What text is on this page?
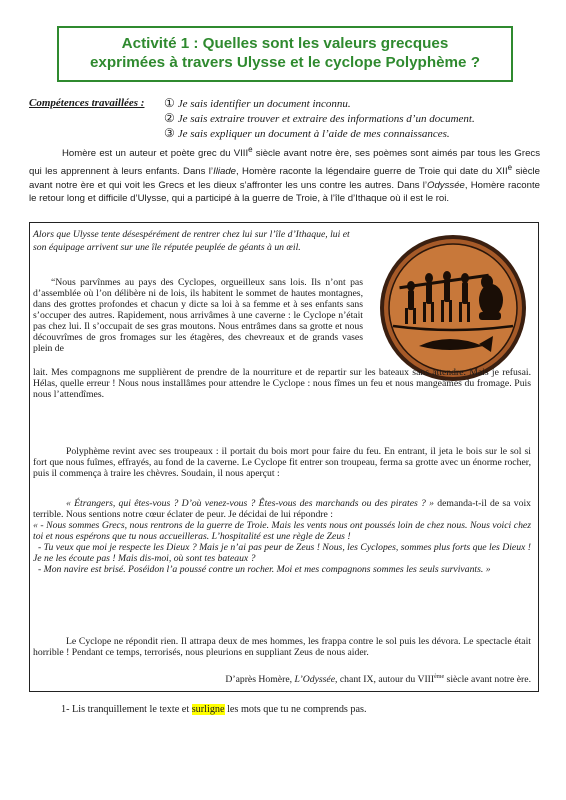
Activité 1 : Quelles sont les valeurs grecques
exprimées à travers Ulysse et le cyclope Polyphème ?
Compétences travaillées : ① Je sais identifier un document inconnu.
② Je sais extraire trouver et extraire des informations d’un document.
③ Je sais expliquer un document à l’aide de mes connaissances.

Homère est un auteur et poète grec du VIIIe siècle avant notre ère, ses poèmes sont aimés par tous les Grecs qui les apprennent à leurs enfants. Dans l’Iliade, Homère raconte la légendaire guerre de Troie qui date du XIIe siècle avant notre ère et qui voit les Grecs et les dieux s’affronter les uns contre les autres. Dans l’Odyssée, Homère raconte le retour long et difficile d’Ulysse, qui a participé à la guerre de Troie, à l’île d’Ithaque où il est le roi.

Alors que Ulysse tente désespérément de rentrer chez lui sur l’île d’Ithaque, lui et son équipage arrivent sur une île réputée peuplée de géants à un œil.
“Nous parvînmes au pays des Cyclopes, orgueilleux sans lois. Ils n’ont pas d’assemblée où l’on délibère ni de lois, ils habitent le sommet de hautes montagnes, dans des grottes profondes et chacun y dicte sa loi à sa femme et à ses enfants sans s’occuper des autres. Rapidement, nous arrivâmes à une caverne : le Cyclope n’était pas chez lui. Il s’occupait de ses gras moutons. Nous entrâmes dans sa grotte et nous découvrîmes de gros fromages sur les étagères, des chevreaux et de grands vases plein de
lait. Mes compagnons me supplièrent de prendre de la nourriture et de repartir sur les bateaux sans attendre. Mais je refusai. Hélas, quelle erreur ! Nous nous installâmes pour attendre le Cyclope : nous fîmes un feu et nous mangeâmes du fromage. Puis nous l’attendîmes.
Polyphème revint avec ses troupeaux : il portait du bois mort pour faire du feu. En entrant, il jeta le bois sur le sol si fort que nous fuîmes, effrayés, au fond de la caverne. Le Cyclope fit entrer son troupeau, ferma sa grotte avec un énorme rocher, puis il commença à traire les chèvres. Soudain, il nous aperçut :
« Étrangers, qui êtes-vous ? D’où venez-vous ? Êtes-vous des marchands ou des pirates ? » demanda-t-il de sa voix terrible. Nous sentions notre cœur éclater de peur. Je décidai de lui répondre :
« - Nous sommes Grecs, nous rentrons de la guerre de Troie. Mais les vents nous ont poussés loin de chez nous. Nous voici chez toi et nous espérons que tu nous accueilleras. L’hospitalité est une règle de Zeus !
- Tu veux que moi je respecte les Dieux ? Mais je n’ai pas peur de Zeus ! Nous, les Cyclopes, sommes plus forts que les Dieux ! Je ne les écoute pas ! Mais dis-moi, où sont tes bateaux ?
- Mon navire est brisé. Poséidon l’a poussé contre un rocher. Moi et mes compagnons sommes les seuls survivants. »
Le Cyclope ne répondit rien. Il attrapa deux de mes hommes, les frappa contre le sol puis les dévora. Le spectacle était horrible ! Pendant ce temps, terrorisés, nous pleurions en suppliant Zeus de nous aider.
D’après Homère, L’Odyssée, chant IX, autour du VIIIème siècle avant notre ère.
1- Lis tranquillement le texte et surligne les mots que tu ne comprends pas.
